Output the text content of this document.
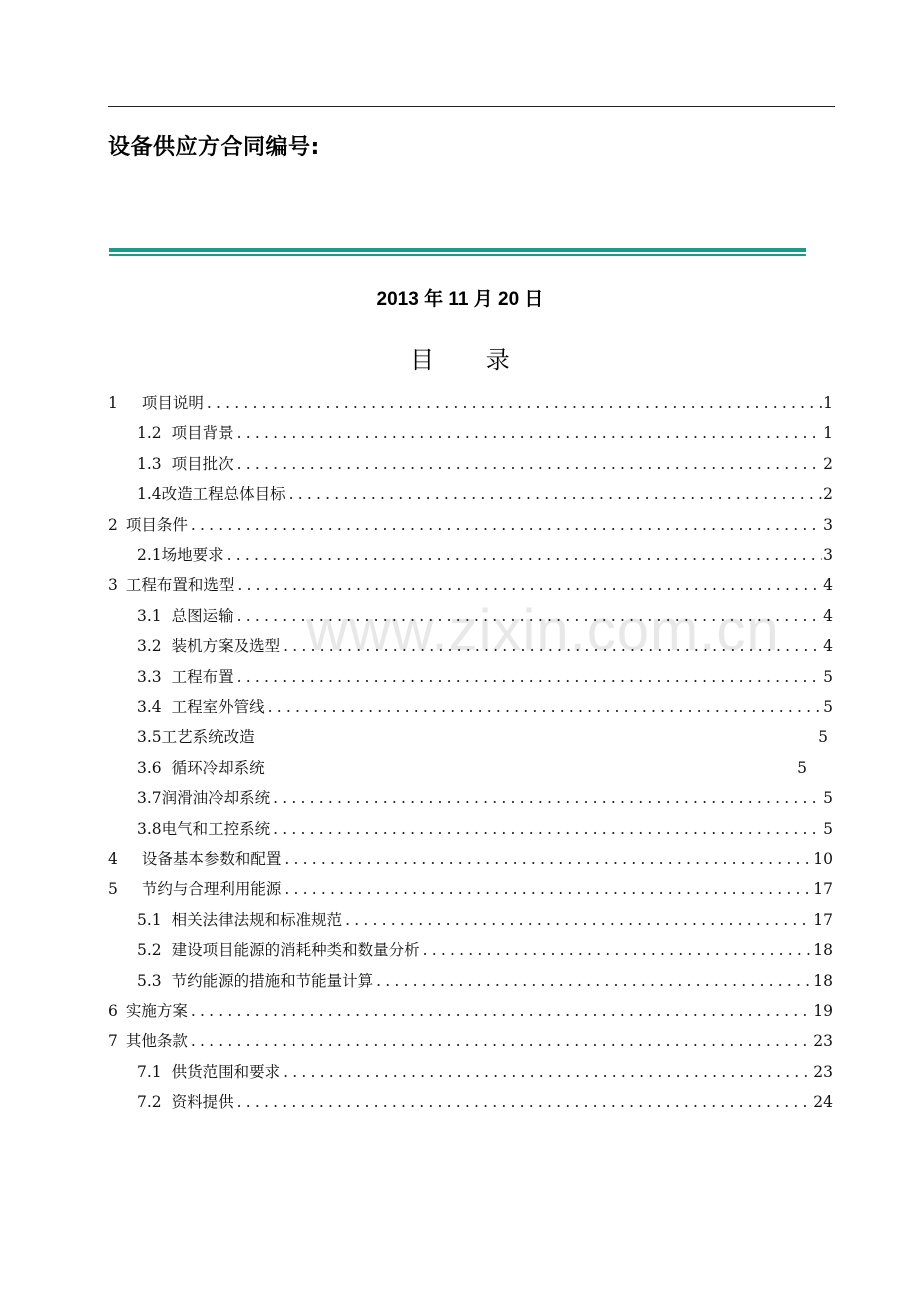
设备供应方合同编号:
2013 年 11 月 20 日
目 录
www.zixin.com.cn
1 项目说明 .....	1
1.2 项目背景 .....	1
1.3 项目批次 .....	2
1.4 改造工程总体目标 .....	2
2 项目条件 .....	3
2.1 场地要求 .....	3
3 工程布置和选型 .....	4
3.1 总图运输 .....	4
3.2 装机方案及选型 .....	4
3.3 工程布置 .....	5
3.4 工程室外管线 .....	5
3.5 工艺系统改造	5
3.6 循环冷却系统	5
3.7 润滑油冷却系统 .....	5
3.8 电气和工控系统 .....	5
4 设备基本参数和配置 .....	10
5 节约与合理利用能源 .....	17
5.1 相关法律法规和标准规范 .....	17
5.2 建设项目能源的消耗种类和数量分析 .....	18
5.3 节约能源的措施和节能量计算 .....	18
6 实施方案 .....	19
7 其他条款 .....	23
7.1 供货范围和要求 .....	23
7.2 资料提供 .....	24
